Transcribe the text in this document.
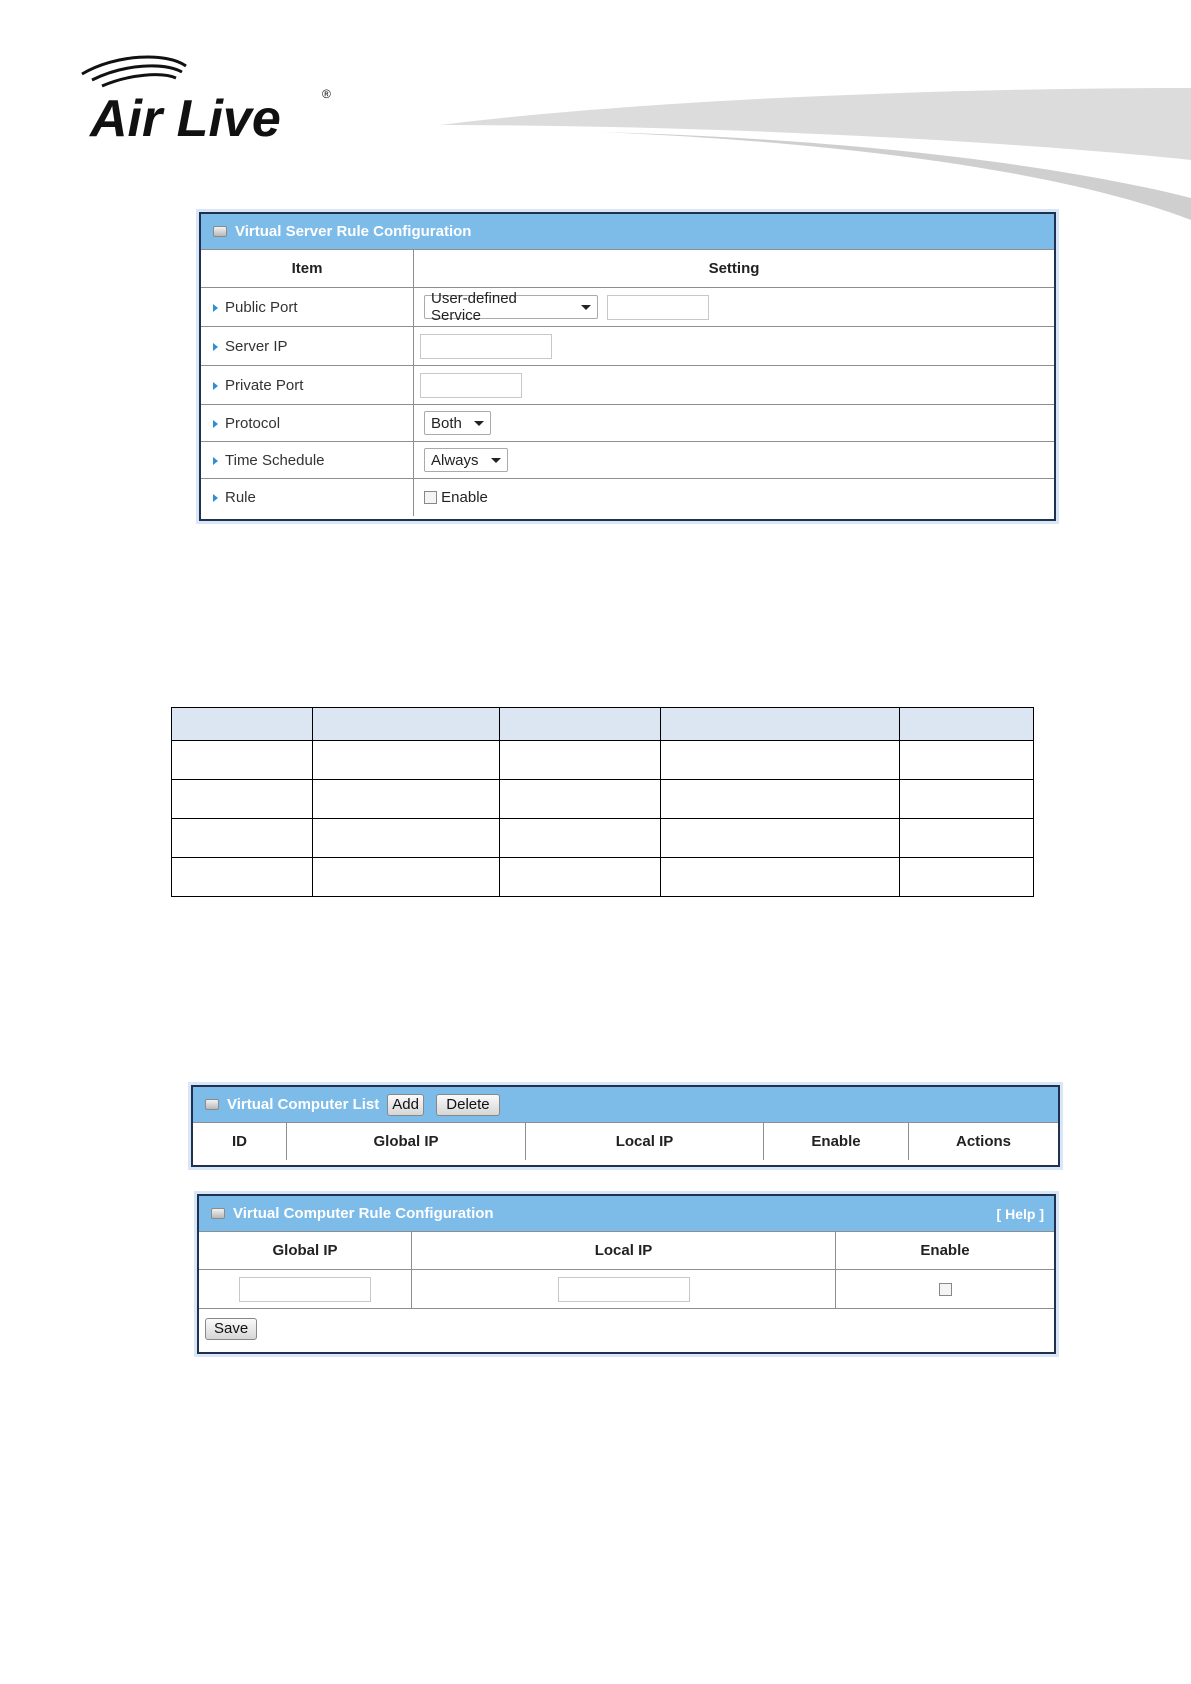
Air Live	®
Virtual Server Rule Configuration
Item	Setting
Public Port	User-defined Service

Server IP	
Private Port	
Protocol	Both

Time Schedule	Always

Rule	Enable

Virtual Computer List Add	Delete
ID	Global IP	Local IP	Enable	Actions
Virtual Computer Rule Configuration	[ Help ]
Global IP	Local IP	Enable

Save		
